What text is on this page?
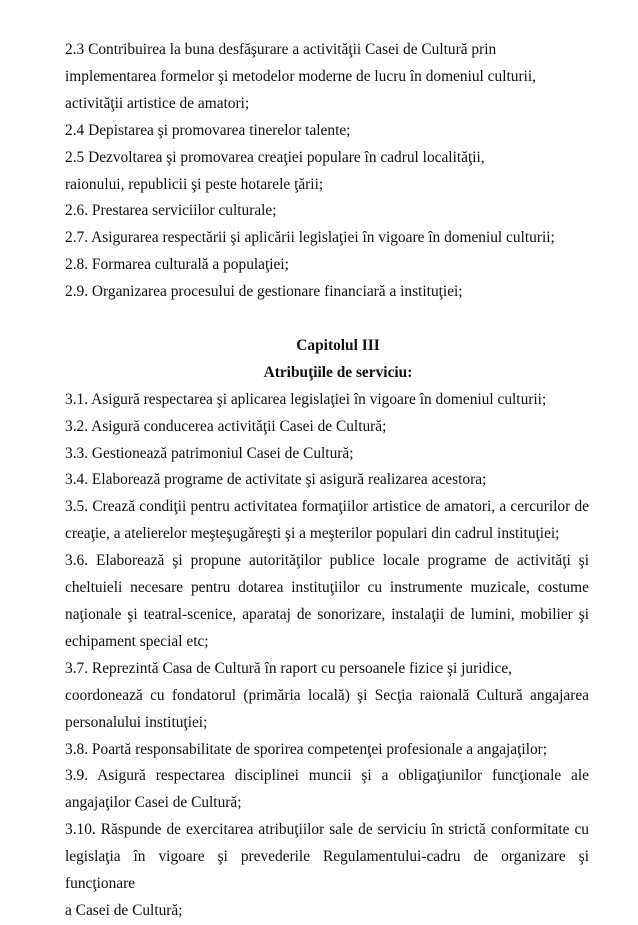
2.3 Contribuirea la buna desfăşurare a activităţii Casei de Cultură prin
implementarea formelor şi metodelor moderne de lucru în domeniul culturii,
activităţii artistice de amatori;
2.4 Depistarea şi promovarea tinerelor talente;
2.5 Dezvoltarea şi promovarea creaţiei populare în cadrul localităţii,
raionului, republicii şi peste hotarele ţării;
2.6. Prestarea serviciilor culturale;
2.7. Asigurarea respectării şi aplicării legislaţiei în vigoare în domeniul culturii;
2.8. Formarea culturală a populaţiei;
2.9. Organizarea procesului de gestionare financiară a instituţiei;
Capitolul III
Atribuţiile de serviciu:
3.1. Asigură respectarea şi aplicarea legislaţiei în vigoare în domeniul culturii;
3.2. Asigură conducerea activităţii Casei de Cultură;
3.3. Gestionează patrimoniul Casei de Cultură;
3.4. Elaborează programe de activitate şi asigură realizarea acestora;
3.5. Crează condiţii pentru activitatea formaţiilor artistice de amatori, a cercurilor de
creaţie, a atelierelor meşteşugăreşti şi a meşterilor populari din cadrul instituţiei;
3.6. Elaborează şi propune autorităţilor publice locale programe de activităţi şi
cheltuieli necesare pentru dotarea instituţiilor cu instrumente muzicale, costume
naţionale şi teatral-scenice, aparataj de sonorizare, instalaţii de lumini, mobilier şi
echipament special etc;
3.7. Reprezintă Casa de Cultură în raport cu persoanele fizice şi juridice,
coordonează cu fondatorul (primăria locală) şi Secţia raională Cultură angajarea
personalului instituţiei;
3.8. Poartă responsabilitate de sporirea competenţei profesionale a angajaţilor;
3.9. Asigură respectarea disciplinei muncii şi a obligaţiunilor funcţionale ale
angajaţilor Casei de Cultură;
3.10. Răspunde de exercitarea atribuţiilor sale de serviciu în strictă conformitate cu
legislaţia în vigoare şi prevederile Regulamentului-cadru de organizare şi funcţionare
a Casei de Cultură;
